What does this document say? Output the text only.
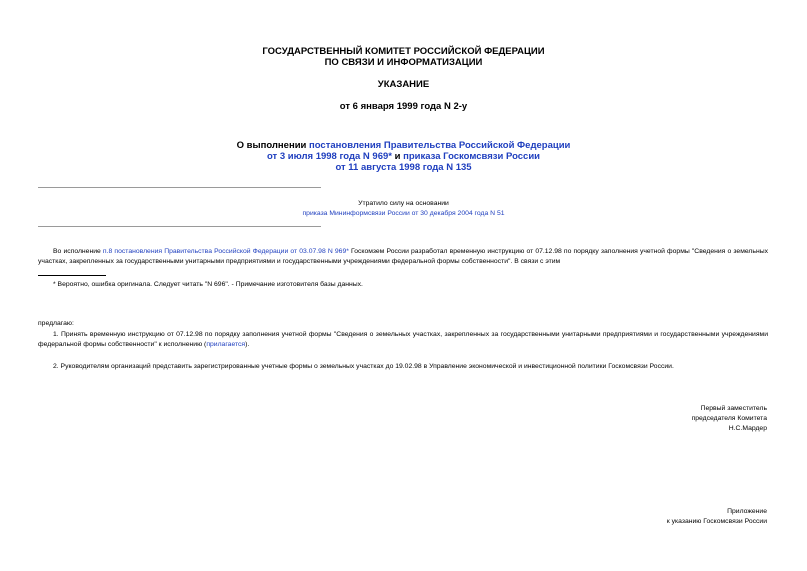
ГОСУДАРСТВЕННЫЙ КОМИТЕТ РОССИЙСКОЙ ФЕДЕРАЦИИ
ПО СВЯЗИ И ИНФОРМАТИЗАЦИИ
УКАЗАНИЕ
от 6 января 1999 года N 2-у
О выполнении постановления Правительства Российской Федерации
от 3 июля 1998 года N 969* и приказа Госкомсвязи России
от 11 августа 1998 года N 135
Утратило силу на основании
приказа Мининформсвязи России от 30 декабря 2004 года N 51
Во исполнение п.8 постановления Правительства Российской Федерации от 03.07.98 N 969* Госкомзем России разработал временную инструкцию от 07.12.98 по порядку заполнения учетной формы "Сведения о земельных участках, закрепленных за государственными унитарными предприятиями и государственными учреждениями федеральной формы собственности". В связи с этим
* Вероятно, ошибка оригинала. Следует читать "N 696". - Примечание изготовителя базы данных.
предлагаю:
1. Принять временную инструкцию от 07.12.98 по порядку заполнения учетной формы "Сведения о земельных участках, закрепленных за государственными унитарными предприятиями и государственными учреждениями федеральной формы собственности" к исполнению (прилагается).
2. Руководителям организаций представить зарегистрированные учетные формы о земельных участках до 19.02.98 в Управление экономической и инвестиционной политики Госкомсвязи России.
Первый заместитель
председателя Комитета
Н.С.Мардер
Приложение
к указанию Госкомсвязи России
